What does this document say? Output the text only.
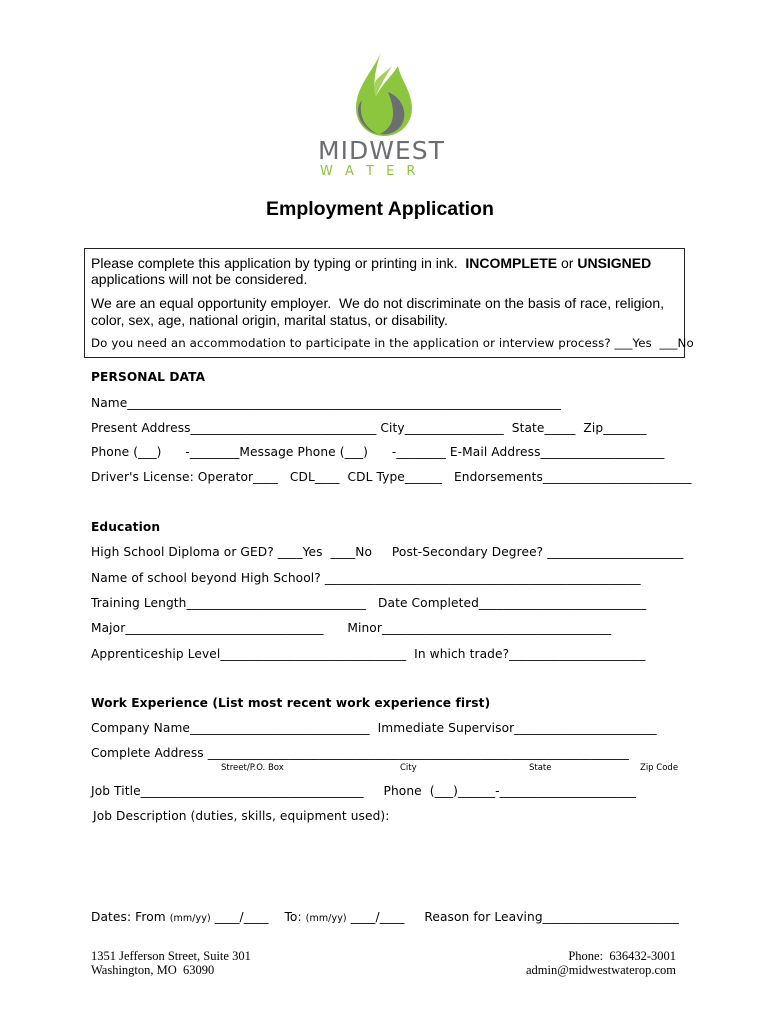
MIDWEST
W A T E R
Employment Application
Please complete this application by typing or printing in ink.  INCOMPLETE or UNSIGNED
applications will not be considered.
We are an equal opportunity employer.  We do not discriminate on the basis of race, religion,
color, sex, age, national origin, marital status, or disability.
Do you need an accommodation to participate in the application or interview process? ___Yes  ___No
PERSONAL DATA
Name______________________________________________________________________
Present Address______________________________ City________________  State_____  Zip_______
Phone (___)      -________Message Phone (___)      -________ E-Mail Address____________________
Driver's License: Operator____   CDL____  CDL Type______   Endorsements________________________
Education
High School Diploma or GED? ____Yes  ____No     Post-Secondary Degree? ______________________
Name of school beyond High School? ___________________________________________________
Training Length_____________________________   Date Completed___________________________
Major________________________________      Minor_____________________________________
Apprenticeship Level______________________________  In which trade?______________________
Work Experience (List most recent work experience first)
Company Name_____________________________  Immediate Supervisor_______________________
Complete Address ____________________________________________________________________
Street/P.O. Box	City	State	Zip Code
Job Title____________________________________     Phone  (___)______-______________________
Job Description (duties, skills, equipment used):
Dates: From (mm/yy) ____/____    To: (mm/yy) ____/____     Reason for Leaving______________________
1351 Jefferson Street, Suite 301
Washington, MO  63090
Phone:  636432-3001
admin@midwestwaterop.com
